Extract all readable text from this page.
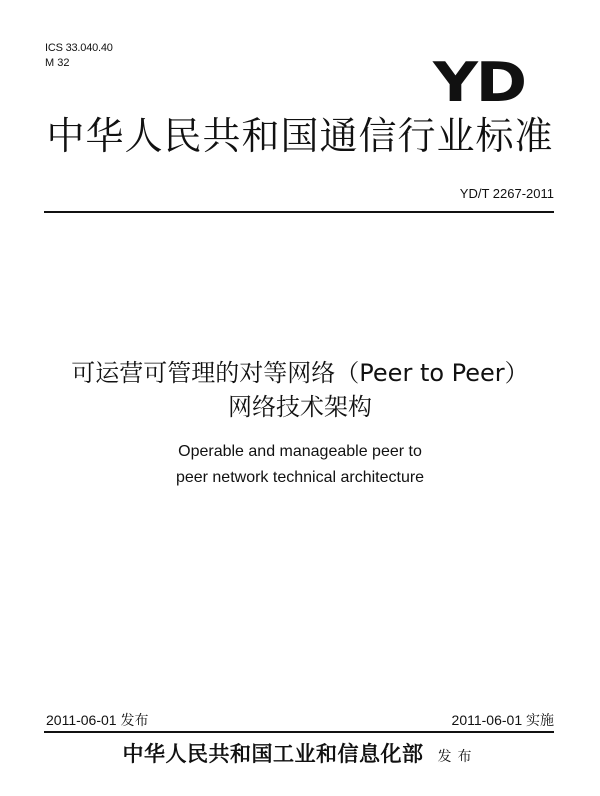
ICS 33.040.40
M 32	YD
中华人民共和国通信行业标准
YD/T 2267-2011
可运营可管理的对等网络（Peer to Peer）
网络技术架构
Operable and manageable peer to
peer network technical architecture
2011-06-01 发布	2011-06-01 实施
中华人民共和国工业和信息化部 发布
